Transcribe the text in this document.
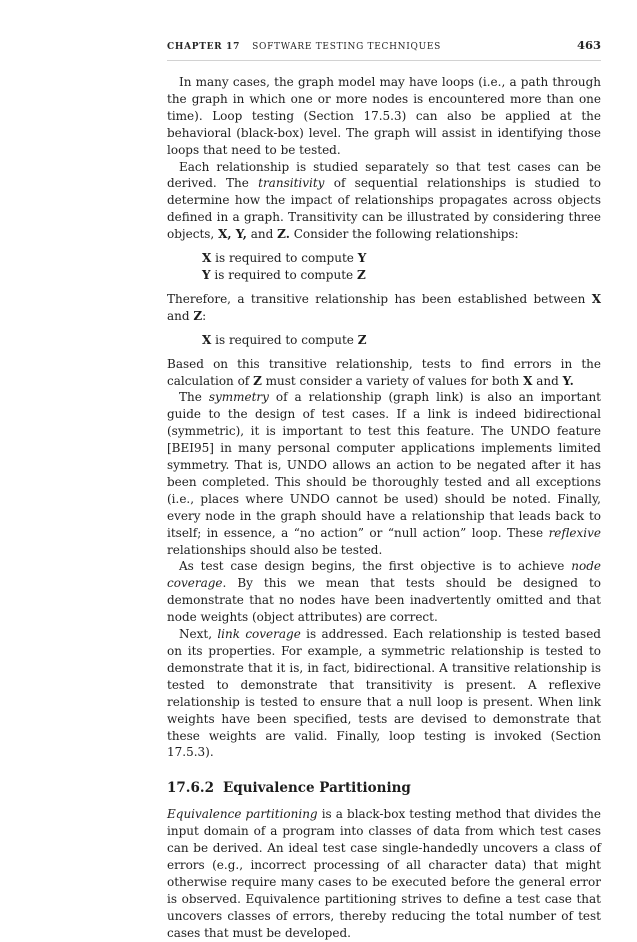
CHAPTER 17 SOFTWARE TESTING TECHNIQUES	463

In many cases, the graph model may have loops (i.e., a path through the graph in which one or more nodes is encountered more than one time). Loop testing (Section 17.5.3) can also be applied at the behavioral (black-box) level. The graph will assist in identifying those loops that need to be tested.

Each relationship is studied separately so that test cases can be derived. The transitivity of sequential relationships is studied to determine how the impact of relationships propagates across objects defined in a graph. Transitivity can be illustrated by considering three objects, X, Y, and Z. Consider the following relationships:

X is required to compute Y
Y is required to compute Z

Therefore, a transitive relationship has been established between X and Z:

X is required to compute Z

Based on this transitive relationship, tests to find errors in the calculation of Z must consider a variety of values for both X and Y.

The symmetry of a relationship (graph link) is also an important guide to the design of test cases. If a link is indeed bidirectional (symmetric), it is important to test this feature. The UNDO feature [BEI95] in many personal computer applications implements limited symmetry. That is, UNDO allows an action to be negated after it has been completed. This should be thoroughly tested and all exceptions (i.e., places where UNDO cannot be used) should be noted. Finally, every node in the graph should have a relationship that leads back to itself; in essence, a “no action” or “null action” loop. These reflexive relationships should also be tested.

As test case design begins, the first objective is to achieve node coverage. By this we mean that tests should be designed to demonstrate that no nodes have been inadvertently omitted and that node weights (object attributes) are correct.

Next, link coverage is addressed. Each relationship is tested based on its properties. For example, a symmetric relationship is tested to demonstrate that it is, in fact, bidirectional. A transitive relationship is tested to demonstrate that transitivity is present. A reflexive relationship is tested to ensure that a null loop is present. When link weights have been specified, tests are devised to demonstrate that these weights are valid. Finally, loop testing is invoked (Section 17.5.3).

17.6.2 Equivalence Partitioning

Equivalence partitioning is a black-box testing method that divides the input domain of a program into classes of data from which test cases can be derived. An ideal test case single-handedly uncovers a class of errors (e.g., incorrect processing of all character data) that might otherwise require many cases to be executed before the general error is observed. Equivalence partitioning strives to define a test case that uncovers classes of errors, thereby reducing the total number of test cases that must be developed.
